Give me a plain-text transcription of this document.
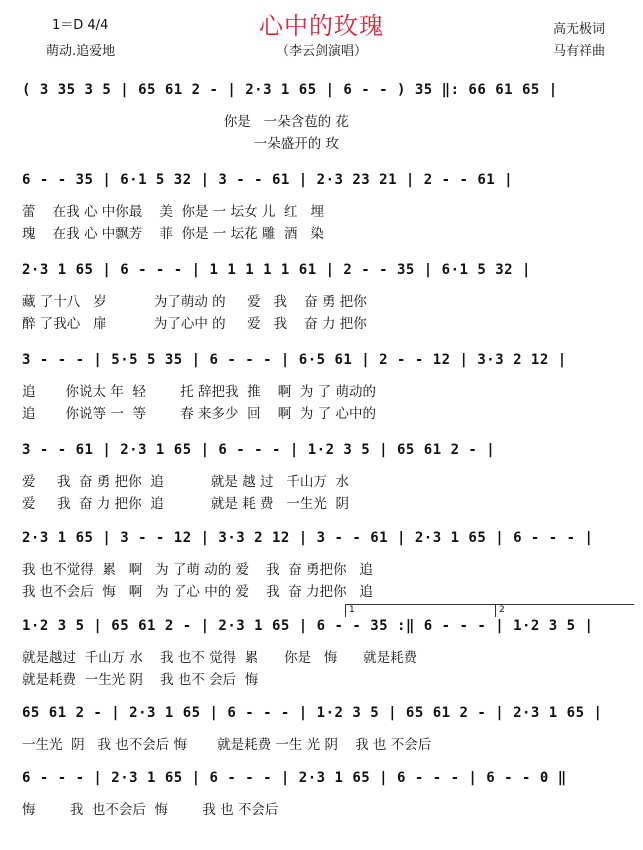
1＝D 4/4
萌动.追爱地
心中的玫瑰
（李云剑演唱）
高无极词
马有祥曲
( 3 35 3 5 | 65 61 2 - | 2·3 1 65 | 6 - - ) 35 ‖: 66 61 65 |
你是   一朵含苞的 花
一朵盛开的 玫
6 - - 35 | 6·1 5 32 | 3 - - 61 | 2·3 23 21 | 2 - - 61 |
蕾    在我 心 中你最    美  你是 一 坛女 儿  红   埋
瑰    在我 心 中飘芳    菲  你是 一 坛花 雕  酒   染
2·3 1 65 | 6 - - - | 1 1 1 1 1 61 | 2 - - 35 | 6·1 5 32 |
藏 了十八   岁           为了萌动 的     爱   我    奋 勇 把你
醉 了我心   扉           为了心中 的     爱   我    奋 力 把你
3 - - - | 5·5 5 35 | 6 - - - | 6·5 61 | 2 - - 12 | 3·3 2 12 |
追       你说太 年  轻        托 辞把我  推    啊  为 了 萌动的
追       你说等 一  等        春 来多少  回    啊  为 了 心中的
3 - - 61 | 2·3 1 65 | 6 - - - | 1·2 3 5 | 65 61 2 - |
爱     我  奋 勇 把你  追           就是 越 过   千山万  水
爱     我  奋 力 把你  追           就是 耗 费   一生光  阴
2·3 1 65 | 3 - - 12 | 3·3 2 12 | 3 - - 61 | 2·3 1 65 | 6 - - - |
我 也不觉得  累   啊   为 了萌 动的 爱    我  奋 勇把你   追
我 也不会后  悔   啊   为 了心 中的 爱    我  奋 力把你   追
1	2
1·2 3 5 | 65 61 2 - | 2·3 1 65 | 6 - - 35 :‖ 6 - - - | 1·2 3 5 |
就是越过  千山万 水    我 也不 觉得  累      你是   悔      就是耗费
就是耗费  一生光 阴    我 也不 会后  悔
65 61 2 - | 2·3 1 65 | 6 - - - | 1·2 3 5 | 65 61 2 - | 2·3 1 65 |
一生光  阴   我 也不会后 悔       就是耗费 一生 光 阴    我 也 不会后
6 - - - | 2·3 1 65 | 6 - - - | 2·3 1 65 | 6 - - - | 6 - - 0 ‖
悔        我  也不会后  悔        我 也 不会后
